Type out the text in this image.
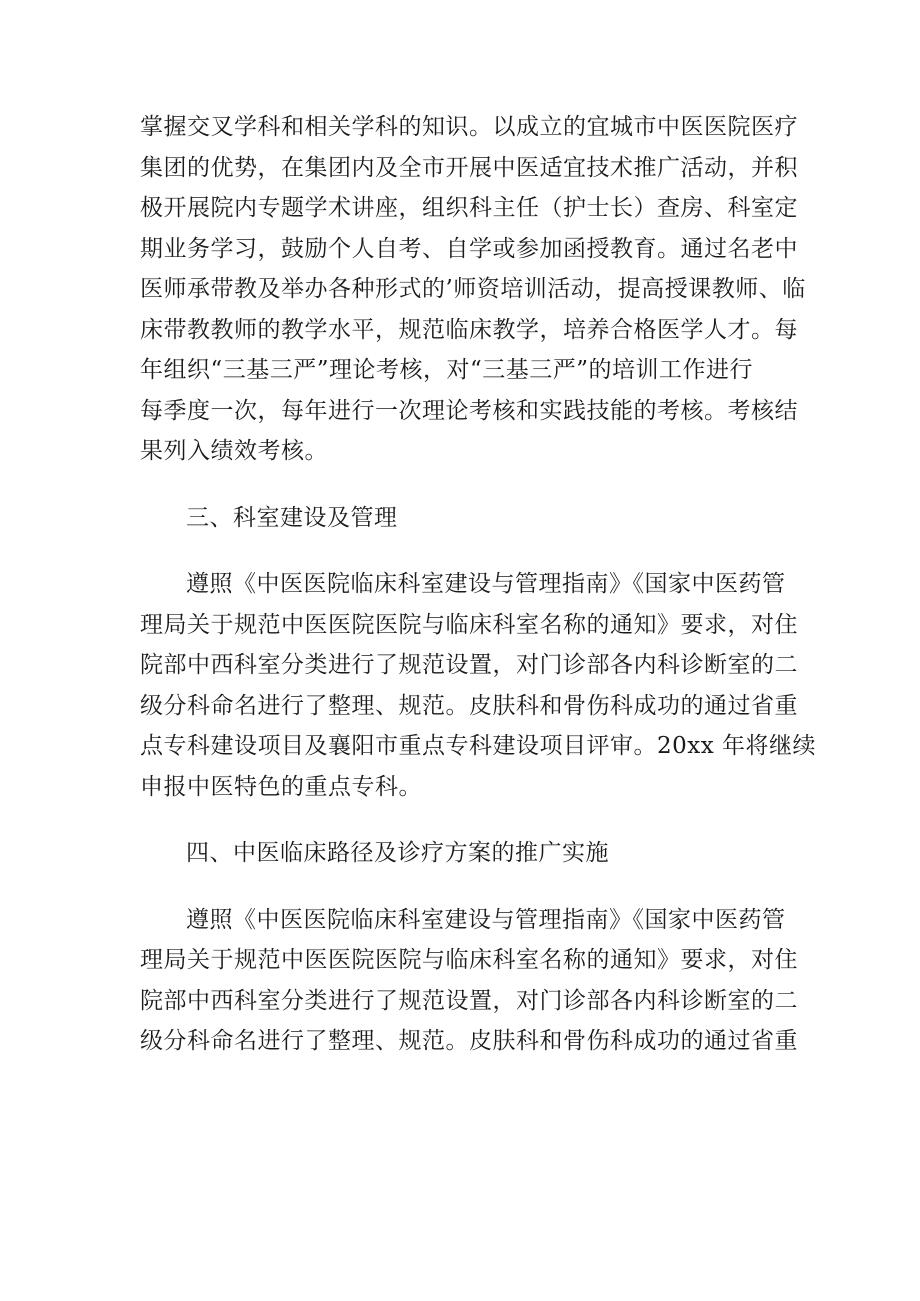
掌握交叉学科和相关学科的知识。以成立的宜城市中医医院医疗
集团的优势，在集团内及全市开展中医适宜技术推广活动，并积
极开展院内专题学术讲座，组织科主任（护士长）查房、科室定
期业务学习，鼓励个人自考、自学或参加函授教育。通过名老中
医师承带教及举办各种形式的’师资培训活动，提高授课教师、临
床带教教师的教学水平，规范临床教学，培养合格医学人才。每
年组织“三基三严”理论考核，对“三基三严”的培训工作进行
每季度一次，每年进行一次理论考核和实践技能的考核。考核结
果列入绩效考核。
三、科室建设及管理
遵照《中医医院临床科室建设与管理指南》《国家中医药管
理局关于规范中医医院医院与临床科室名称的通知》要求，对住
院部中西科室分类进行了规范设置，对门诊部各内科诊断室的二
级分科命名进行了整理、规范。皮肤科和骨伤科成功的通过省重
点专科建设项目及襄阳市重点专科建设项目评审。20xx 年将继续
申报中医特色的重点专科。
四、中医临床路径及诊疗方案的推广实施
遵照《中医医院临床科室建设与管理指南》《国家中医药管
理局关于规范中医医院医院与临床科室名称的通知》要求，对住
院部中西科室分类进行了规范设置，对门诊部各内科诊断室的二
级分科命名进行了整理、规范。皮肤科和骨伤科成功的通过省重
